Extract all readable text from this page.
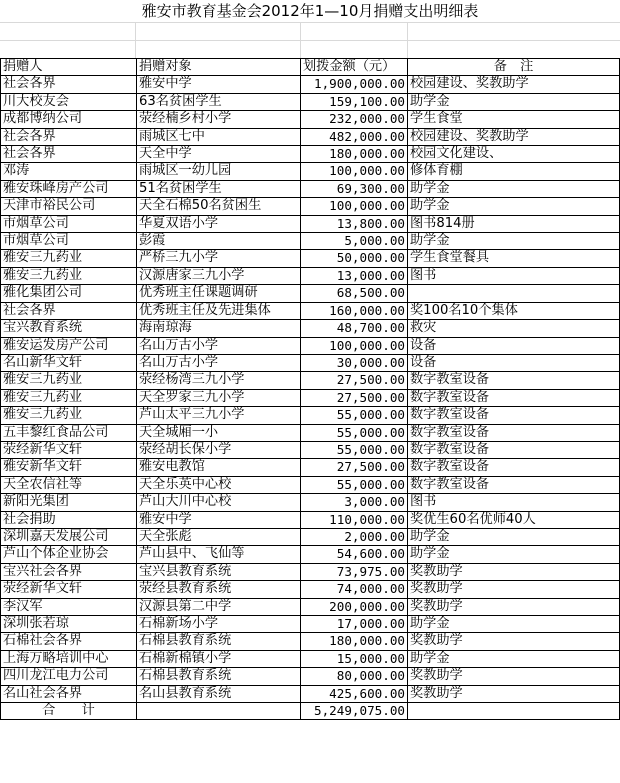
雅安市教育基金会2012年1—10月捐赠支出明细表
捐赠人	捐赠对象	划拨金额（元）	备　注
社会各界	雅安中学	1,900,000.00	校园建设、奖教助学
川大校友会	63名贫困学生	159,100.00	助学金
成都博纳公司	荥经楠乡村小学	232,000.00	学生食堂
社会各界	雨城区七中	482,000.00	校园建设、奖教助学
社会各界	天全中学	180,000.00	校园文化建设、
邓涛	雨城区一幼儿园	100,000.00	修体育棚
雅安珠峰房产公司	51名贫困学生	69,300.00	助学金
天津市裕民公司	天全石棉50名贫困生	100,000.00	助学金
市烟草公司	华夏双语小学	13,800.00	图书814册
市烟草公司	彭霞	5,000.00	助学金
雅安三九药业	严桥三九小学	50,000.00	学生食堂餐具
雅安三九药业	汉源唐家三九小学	13,000.00	图书
雅化集团公司	优秀班主任课题调研	68,500.00	
社会各界	优秀班主任及先进集体	160,000.00	奖100名10个集体
宝兴教育系统	海南琼海	48,700.00	救灾
雅安运发房产公司	名山万古小学	100,000.00	设备
名山新华文轩	名山万古小学	30,000.00	设备
雅安三九药业	荥经杨湾三九小学	27,500.00	数字教室设备
雅安三九药业	天全罗家三九小学	27,500.00	数字教室设备
雅安三九药业	芦山太平三九小学	55,000.00	数字教室设备
五丰黎红食品公司	天全城厢一小	55,000.00	数字教室设备
荥经新华文轩	荥经胡长保小学	55,000.00	数字教室设备
雅安新华文轩	雅安电教馆	27,500.00	数字教室设备
天全农信社等	天全乐英中心校	55,000.00	数字教室设备
新阳光集团	芦山大川中心校	3,000.00	图书
社会捐助	雅安中学	110,000.00	奖优生60名优师40人
深圳嘉天发展公司	天全张彪	2,000.00	助学金
芦山个体企业协会	芦山县中、飞仙等	54,600.00	助学金
宝兴社会各界	宝兴县教育系统	73,975.00	奖教助学
荥经新华文轩	荥经县教育系统	74,000.00	奖教助学
李汉军	汉源县第二中学	200,000.00	奖教助学
深圳张若琼	石棉新场小学	17,000.00	助学金
石棉社会各界	石棉县教育系统	180,000.00	奖教助学
上海万略培训中心	石棉新棉镇小学	15,000.00	助学金
四川龙江电力公司	石棉县教育系统	80,000.00	奖教助学
名山社会各界	名山县教育系统	425,600.00	奖教助学
合　　计		5,249,075.00	
